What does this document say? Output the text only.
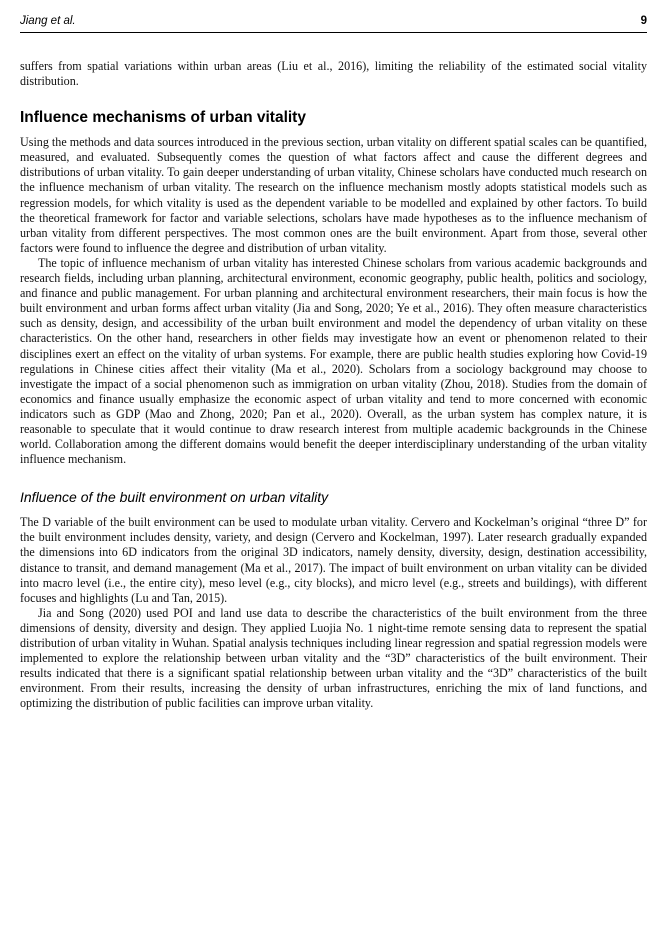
Jiang et al.	9

suffers from spatial variations within urban areas (Liu et al., 2016), limiting the reliability of the estimated social vitality distribution.

Influence mechanisms of urban vitality

Using the methods and data sources introduced in the previous section, urban vitality on different spatial scales can be quantified, measured, and evaluated. Subsequently comes the question of what factors affect and cause the different degrees and distributions of urban vitality. To gain deeper understanding of urban vitality, Chinese scholars have conducted much research on the influence mechanism of urban vitality. The research on the influence mechanism mostly adopts statistical models such as regression models, for which vitality is used as the dependent variable to be modelled and explained by other factors. To build the theoretical framework for factor and variable selections, scholars have made hypotheses as to the influence mechanism of urban vitality from different perspectives. The most common ones are the built environment. Apart from those, several other factors were found to influence the degree and distribution of urban vitality.

The topic of influence mechanism of urban vitality has interested Chinese scholars from various academic backgrounds and research fields, including urban planning, architectural environment, economic geography, public health, politics and sociology, and finance and public management. For urban planning and architectural environment researchers, their main focus is how the built environment and urban forms affect urban vitality (Jia and Song, 2020; Ye et al., 2016). They often measure characteristics such as density, design, and accessibility of the urban built environment and model the dependency of urban vitality on these characteristics. On the other hand, researchers in other fields may investigate how an event or phenomenon related to their disciplines exert an effect on the vitality of urban systems. For example, there are public health studies exploring how Covid-19 regulations in Chinese cities affect their vitality (Ma et al., 2020). Scholars from a sociology background may choose to investigate the impact of a social phenomenon such as immigration on urban vitality (Zhou, 2018). Studies from the domain of economics and finance usually emphasize the economic aspect of urban vitality and tend to more concerned with economic indicators such as GDP (Mao and Zhong, 2020; Pan et al., 2020). Overall, as the urban system has complex nature, it is reasonable to speculate that it would continue to draw research interest from multiple academic backgrounds in the Chinese world. Collaboration among the different domains would benefit the deeper interdisciplinary understanding of the urban vitality influence mechanism.

Influence of the built environment on urban vitality

The D variable of the built environment can be used to modulate urban vitality. Cervero and Kockelman’s original “three D” for the built environment includes density, variety, and design (Cervero and Kockelman, 1997). Later research gradually expanded the dimensions into 6D indicators from the original 3D indicators, namely density, diversity, design, destination accessibility, distance to transit, and demand management (Ma et al., 2017). The impact of built environment on urban vitality can be divided into macro level (i.e., the entire city), meso level (e.g., city blocks), and micro level (e.g., streets and buildings), with different focuses and highlights (Lu and Tan, 2015).

Jia and Song (2020) used POI and land use data to describe the characteristics of the built environment from the three dimensions of density, diversity and design. They applied Luojia No. 1 night-time remote sensing data to represent the spatial distribution of urban vitality in Wuhan. Spatial analysis techniques including linear regression and spatial regression models were implemented to explore the relationship between urban vitality and the “3D” characteristics of the built environment. Their results indicated that there is a significant spatial relationship between urban vitality and the “3D” characteristics of the built environment. From their results, increasing the density of urban infrastructures, enriching the mix of land functions, and optimizing the distribution of public facilities can improve urban vitality.
